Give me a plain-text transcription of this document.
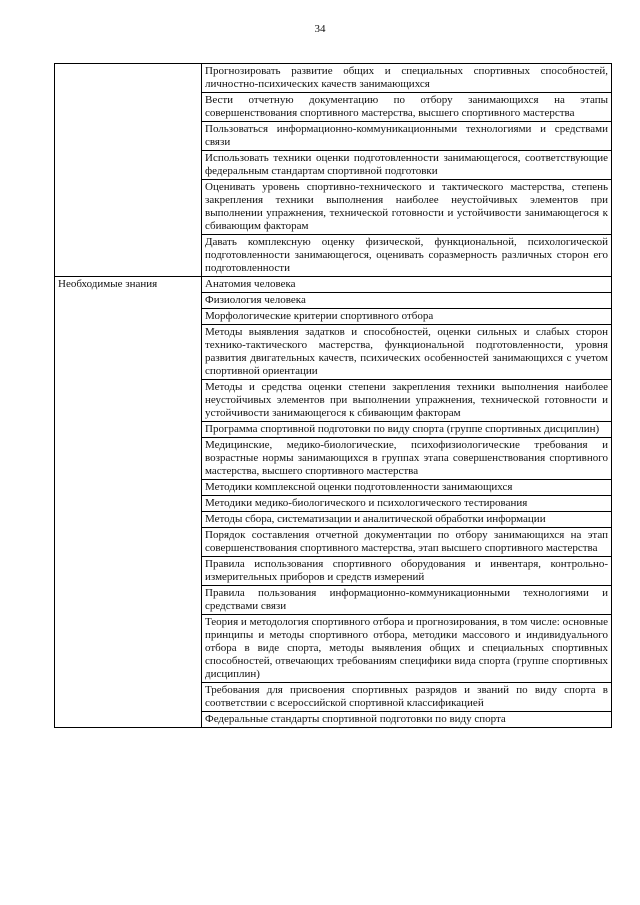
34
	Прогнозировать развитие общих и специальных спортивных способностей, личностно-психических качеств занимающихся
	Вести отчетную документацию по отбору занимающихся на этапы совершенствования спортивного мастерства, высшего спортивного мастерства
	Пользоваться информационно-коммуникационными технологиями и средствами связи
	Использовать техники оценки подготовленности занимающегося, соответствующие федеральным стандартам спортивной подготовки
	Оценивать уровень спортивно-технического и тактического мастерства, степень закрепления техники выполнения наиболее неустойчивых элементов при выполнении упражнения, технической готовности и устойчивости занимающегося к сбивающим факторам
	Давать комплексную оценку физической, функциональной, психологической подготовленности занимающегося, оценивать соразмерность различных сторон его подготовленности
Необходимые знания	Анатомия человека
	Физиология человека
	Морфологические критерии спортивного отбора
	Методы выявления задатков и способностей, оценки сильных и слабых сторон технико-тактического мастерства, функциональной подготовленности, уровня развития двигательных качеств, психических особенностей занимающихся с учетом спортивной ориентации
	Методы и средства оценки степени закрепления техники выполнения наиболее неустойчивых элементов при выполнении упражнения, технической готовности и устойчивости занимающегося к сбивающим факторам
	Программа спортивной подготовки по виду спорта (группе спортивных дисциплин)
	Медицинские, медико-биологические, психофизиологические требования и возрастные нормы занимающихся в группах этапа совершенствования спортивного мастерства, высшего спортивного мастерства
	Методики комплексной оценки подготовленности занимающихся
	Методики медико-биологического и психологического тестирования
	Методы сбора, систематизации и аналитической обработки информации
	Порядок составления отчетной документации по отбору занимающихся на этап совершенствования спортивного мастерства, этап высшего спортивного мастерства
	Правила использования спортивного оборудования и инвентаря, контрольно-измерительных приборов и средств измерений
	Правила пользования информационно-коммуникационными технологиями и средствами связи
	Теория и методология спортивного отбора и прогнозирования, в том числе: основные принципы и методы спортивного отбора, методики массового и индивидуального отбора в виде спорта, методы выявления общих и специальных спортивных способностей, отвечающих требованиям специфики вида спорта (группе спортивных дисциплин)
	Требования для присвоения спортивных разрядов и званий по виду спорта в соответствии с всероссийской спортивной классификацией
	Федеральные стандарты спортивной подготовки по виду спорта
